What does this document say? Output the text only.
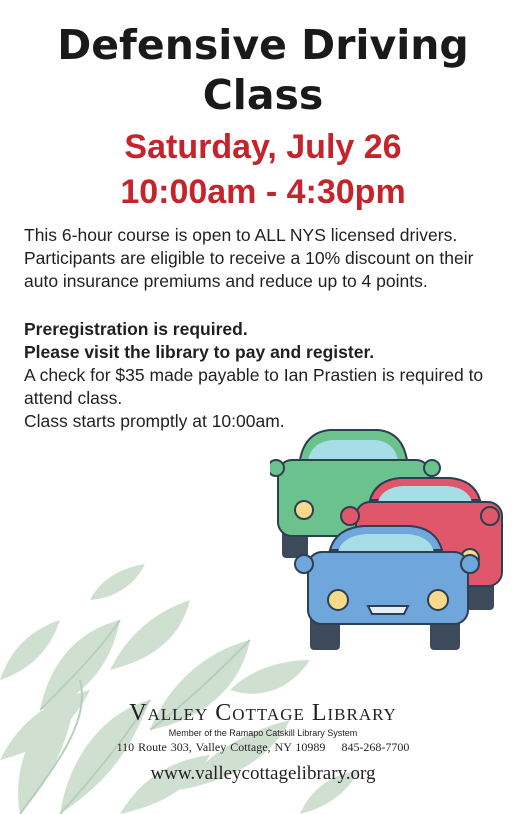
Defensive Driving
Class
Saturday, July 26
10:00am - 4:30pm
This 6-hour course is open to ALL NYS licensed drivers.
Participants are eligible to receive a 10% discount on their
auto insurance premiums and reduce up to 4 points.
Preregistration is required.
Please visit the library to pay and register.
A check for $35 made payable to Ian Prastien is required to
attend class.
Class starts promptly at 10:00am.
Valley Cottage Library
Member of the Ramapo Catskill Library System
110 Route 303, Valley Cottage, NY 10989 845-268-7700
www.valleycottagelibrary.org
